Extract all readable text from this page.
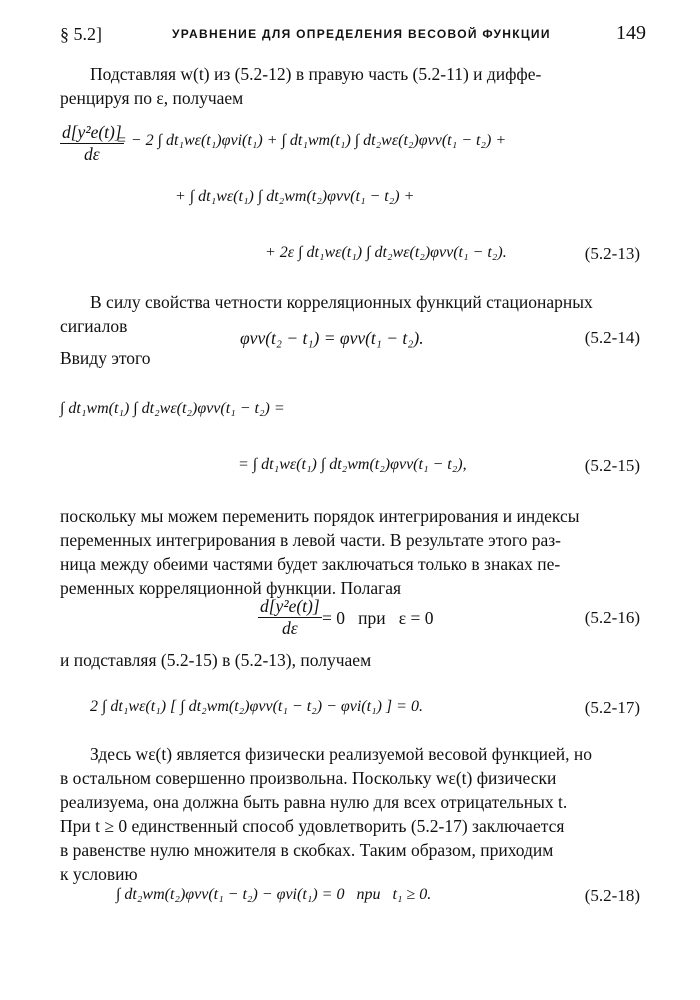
§ 5.2]	УРАВНЕНИЕ ДЛЯ ОПРЕДЕЛЕНИЯ ВЕСОВОЙ ФУНКЦИИ	149
Подставляя w(t) из (5.2-12) в правую часть (5.2-11) и диффе-
ренцируя по ε, получаем
$\frac{\text{d[y²e(t)]}}{d\varepsilon}$
= − 2 ∫ dt₁wε(t₁)φvi(t₁) + ∫ dt₁wm(t₁) ∫ dt₂wε(t₂)φvv(t₁ − t₂) +
+ ∫ dt₁wε(t₁) ∫ dt₂wm(t₂)φvv(t₁ − t₂) +
+ 2ε ∫ dt₁wε(t₁) ∫ dt₂wε(t₂)φvv(t₁ − t₂).	(5.2-13)
В силу свойства четности корреляционных функций стационарных
сигиалов
φvv(t₂ − t₁) = φvv(t₁ − t₂).	(5.2-14)
Ввиду этого
∫ dt₁wm(t₁) ∫ dt₂wε(t₂)φvv(t₁ − t₂) =
= ∫ dt₁wε(t₁) ∫ dt₂wm(t₂)φvv(t₁ − t₂),	(5.2-15)
поскольку мы можем переменить порядок интегрирования и индексы
переменных интегрирования в левой части. В результате этого раз-
ница между обеими частями будет заключаться только в знаках пе-
ременных корреляционной функции. Полагая
$\frac{\text{d[y²e(t)]}}{d\varepsilon} = 0$   при   ε = 0	(5.2-16)
и подставляя (5.2-15) в (5.2-13), получаем
2 ∫ dt₁wε(t₁) [ ∫ dt₂wm(t₂)φvv(t₁ − t₂) − φvi(t₁) ] = 0.	(5.2-17)
Здесь wε(t) является физически реализуемой весовой функцией, но
в остальном совершенно произвольна. Поскольку wε(t) физически
реализуема, она должна быть равна нулю для всех отрицательных t.
При t ≥ 0 единственный способ удовлетворить (5.2-17) заключается
в равенстве нулю множителя в скобках. Таким образом, приходим
к условию
∫ dt₂wm(t₂)φvv(t₁ − t₂) − φvi(t₁) = 0   при   t₁ ≥ 0.	(5.2-18)
